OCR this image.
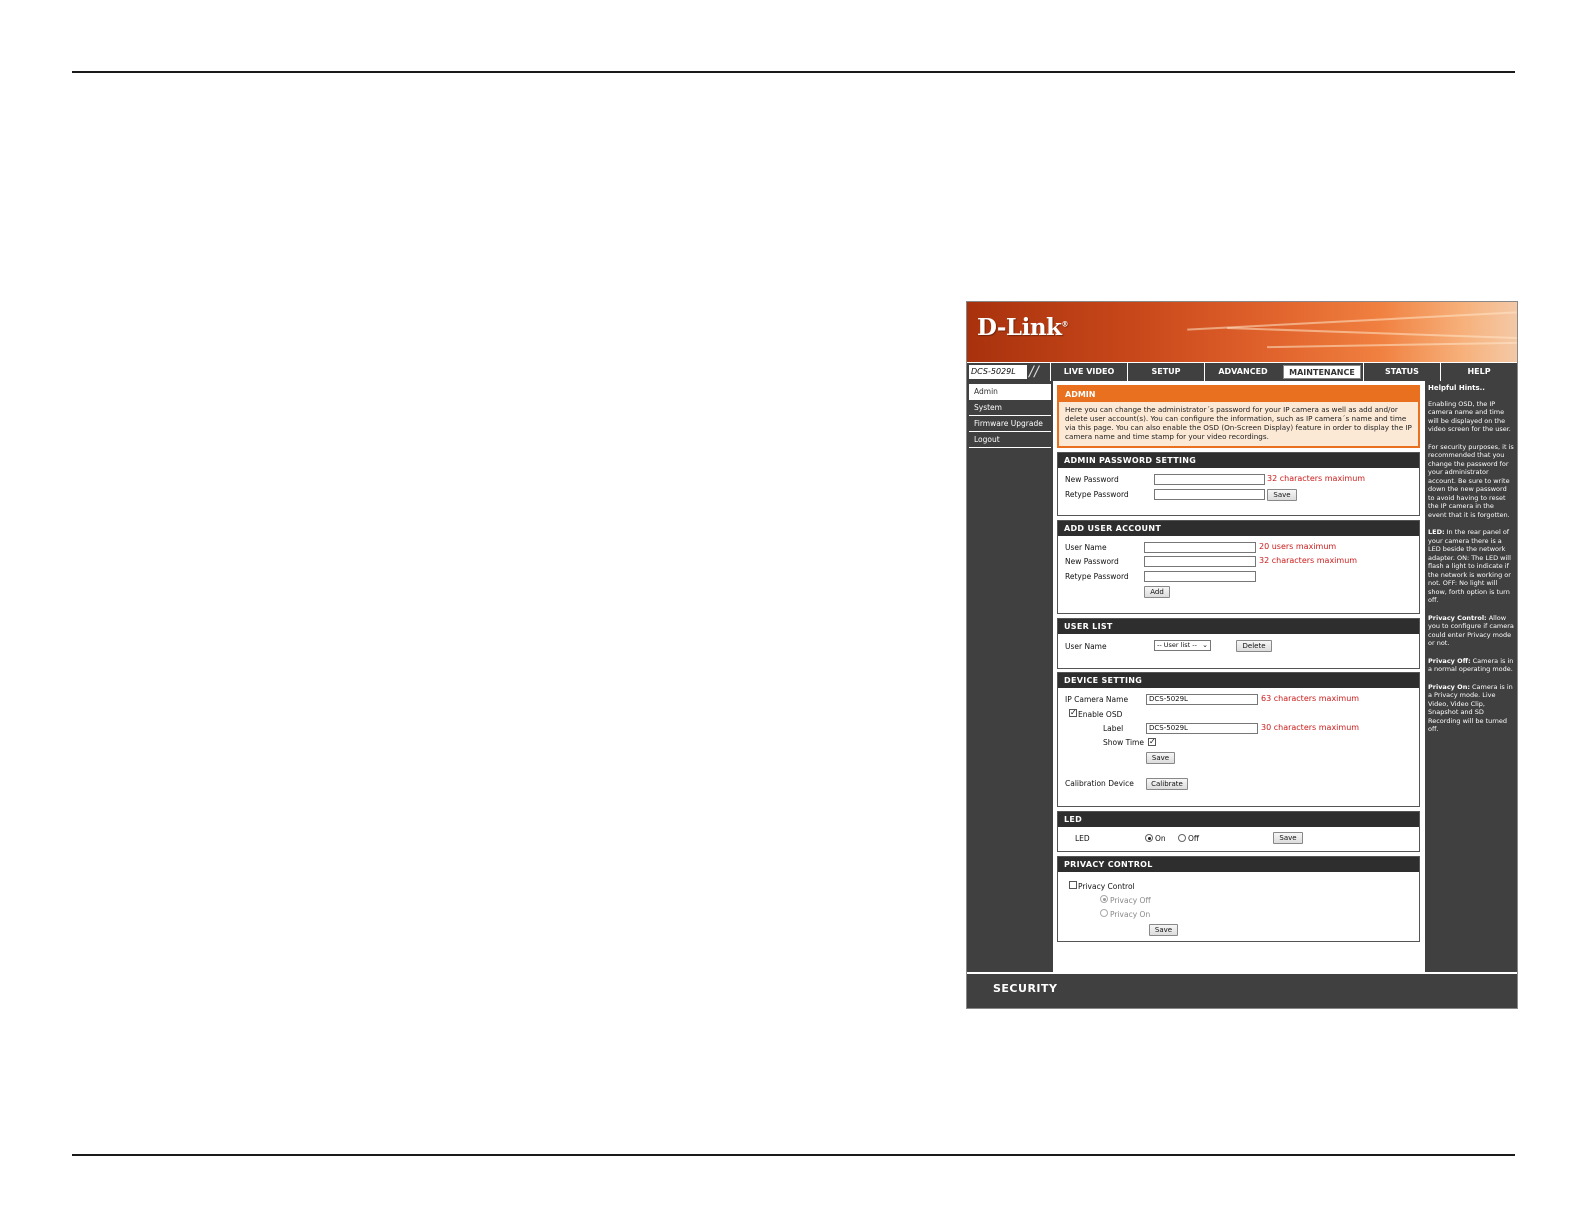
D-Link®
DCS-5029L / /	LIVE VIDEO	SETUP	ADVANCED	MAINTENANCE	STATUS	HELP
Admin
System
Firmware Upgrade
Logout
ADMIN
Here you can change the administrator´s password for your IP camera as well as add and/or delete user account(s). You can configure the information, such as IP camera´s name and time via this page. You can also enable the OSD (On-Screen Display) feature in order to display the IP camera name and time stamp for your video recordings.
ADMIN PASSWORD SETTING
New Password	32 characters maximum
Retype Password	Save
ADD USER ACCOUNT
User Name	20 users maximum
New Password	32 characters maximum
Retype Password
Add
USER LIST
User Name	-- User list -- ⌄	Delete
DEVICE SETTING
IP Camera Name	DCS-5029L	63 characters maximum
✓ Enable OSD
Label	DCS-5029L	30 characters maximum
Show Time ✓
Save
Calibration Device	Calibrate
LED
LED	On	Off	Save
PRIVACY CONTROL
Privacy Control
Privacy Off
Privacy On
Save

Helpful Hints..

Enabling OSD, the IP camera name and time will be displayed on the video screen for the user.

For security purposes, it is recommended that you change the password for your administrator account. Be sure to write down the new password to avoid having to reset the IP camera in the event that it is forgotten.

LED: In the rear panel of your camera there is a LED beside the network adapter. ON: The LED will flash a light to indicate if the network is working or not. OFF: No light will show, forth option is turn off.

Privacy Control: Allow you to configure if camera could enter Privacy mode or not.

Privacy Off: Camera is in a normal operating mode.

Privacy On: Camera is in a Privacy mode. Live Video, Video Clip, Snapshot and SD Recording will be turned off.

SECURITY
